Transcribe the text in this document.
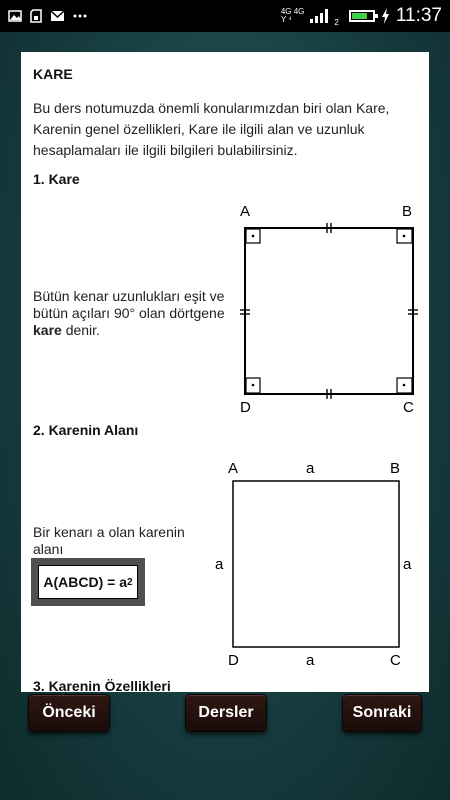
4G 4G
Y ⁴	2	11:37
KARE
Bu ders notumuzda önemli konularımızdan biri olan Kare, Karenin genel özellikleri, Kare ile ilgili alan ve uzunluk hesaplamaları ile ilgili bilgileri bulabilirsiniz.
1. Kare
A	B
C
D
Bütün kenar uzunlukları eşit ve bütün açıları 90° olan dörtgene kare denir.
2. Karenin Alanı
A	B
C
D
a
a
a	a
Bir kenarı a olan karenin alanı
A(ABCD) = a 2
3. Karenin Özellikleri
Önceki	Dersler	Sonraki
